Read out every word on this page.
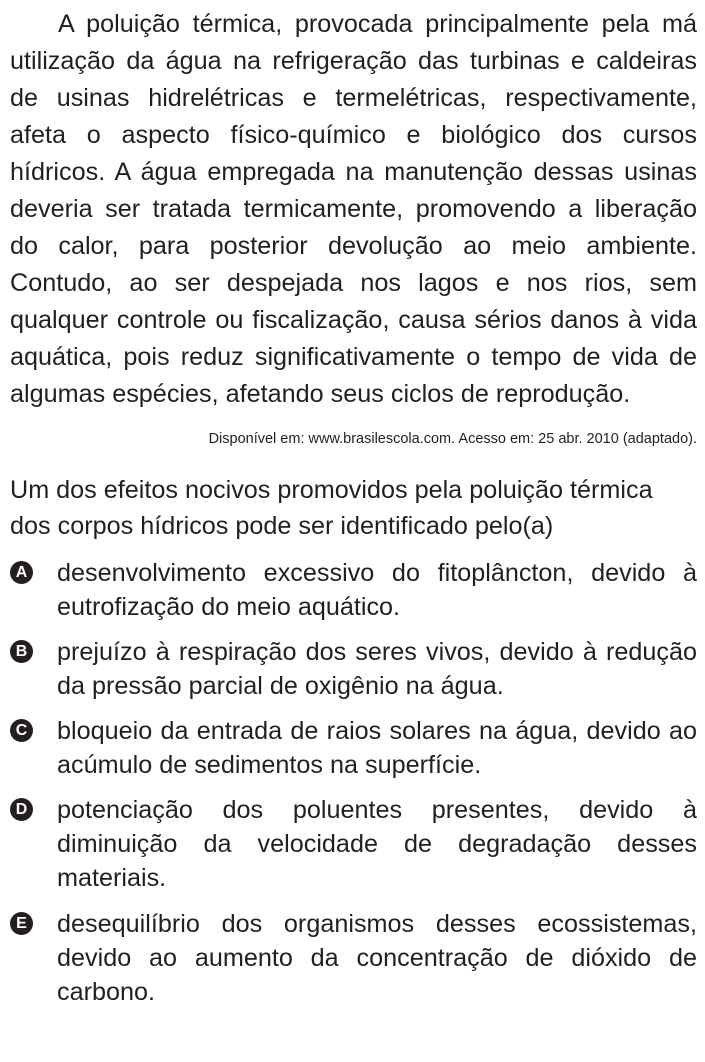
A poluição térmica, provocada principalmente pela má utilização da água na refrigeração das turbinas e caldeiras de usinas hidrelétricas e termelétricas, respectivamente, afeta o aspecto físico-químico e biológico dos cursos hídricos. A água empregada na manutenção dessas usinas deveria ser tratada termicamente, promovendo a liberação do calor, para posterior devolução ao meio ambiente. Contudo, ao ser despejada nos lagos e nos rios, sem qualquer controle ou fiscalização, causa sérios danos à vida aquática, pois reduz significativamente o tempo de vida de algumas espécies, afetando seus ciclos de reprodução.

Disponível em: www.brasilescola.com. Acesso em: 25 abr. 2010 (adaptado).

Um dos efeitos nocivos promovidos pela poluição térmica dos corpos hídricos pode ser identificado pelo(a)

A desenvolvimento excessivo do fitoplâncton, devido à eutrofização do meio aquático.
B prejuízo à respiração dos seres vivos, devido à redução da pressão parcial de oxigênio na água.
C bloqueio da entrada de raios solares na água, devido ao acúmulo de sedimentos na superfície.
D potenciação dos poluentes presentes, devido à diminuição da velocidade de degradação desses materiais.
E desequilíbrio dos organismos desses ecossistemas, devido ao aumento da concentração de dióxido de carbono.
